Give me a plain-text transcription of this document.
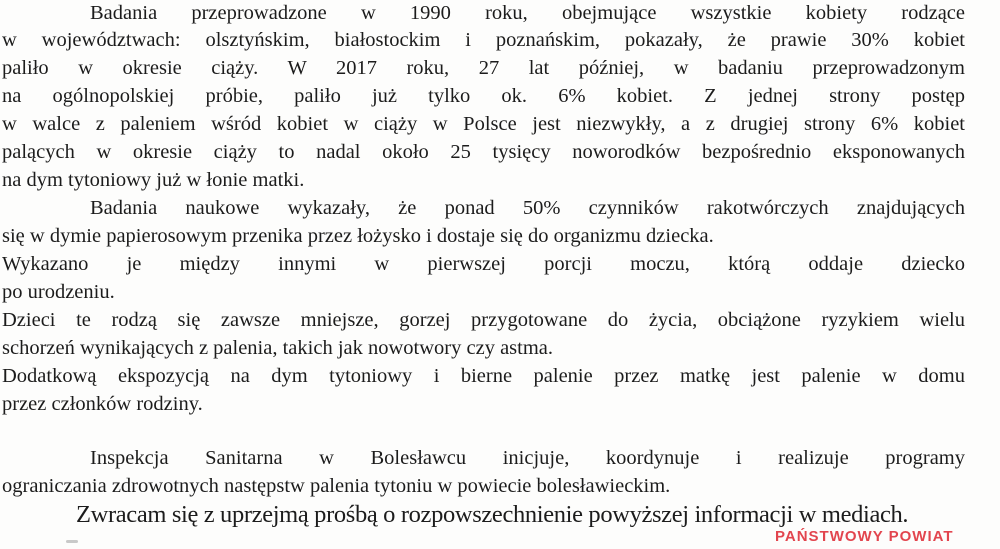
Badania przeprowadzone w 1990 roku, obejmujące wszystkie kobiety rodzące
w województwach: olsztyńskim, białostockim i poznańskim, pokazały, że prawie 30% kobiet
paliło w okresie ciąży. W 2017 roku, 27 lat później, w badaniu przeprowadzonym
na ogólnopolskiej próbie, paliło już tylko ok. 6% kobiet. Z jednej strony postęp
w walce z paleniem wśród kobiet w ciąży w Polsce jest niezwykły, a z drugiej strony 6% kobiet
palących w okresie ciąży to nadal około 25 tysięcy noworodków bezpośrednio eksponowanych
na dym tytoniowy już w łonie matki.
Badania naukowe wykazały, że ponad 50% czynników rakotwórczych znajdujących
się w dymie papierosowym przenika przez łożysko i dostaje się do organizmu dziecka.
Wykazano je między innymi w pierwszej porcji moczu, którą oddaje dziecko
po urodzeniu.
Dzieci te rodzą się zawsze mniejsze, gorzej przygotowane do życia, obciążone ryzykiem wielu
schorzeń wynikających z palenia, takich jak nowotwory czy astma.
Dodatkową ekspozycją na dym tytoniowy i bierne palenie przez matkę jest palenie w domu
przez członków rodziny.
Inspekcja Sanitarna w Bolesławcu inicjuje, koordynuje i realizuje programy
ograniczania zdrowotnych następstw palenia tytoniu w powiecie bolesławieckim.
Zwracam się z uprzejmą prośbą o rozpowszechnienie powyższej informacji w mediach.
PAŃSTWOWY POWIAT
